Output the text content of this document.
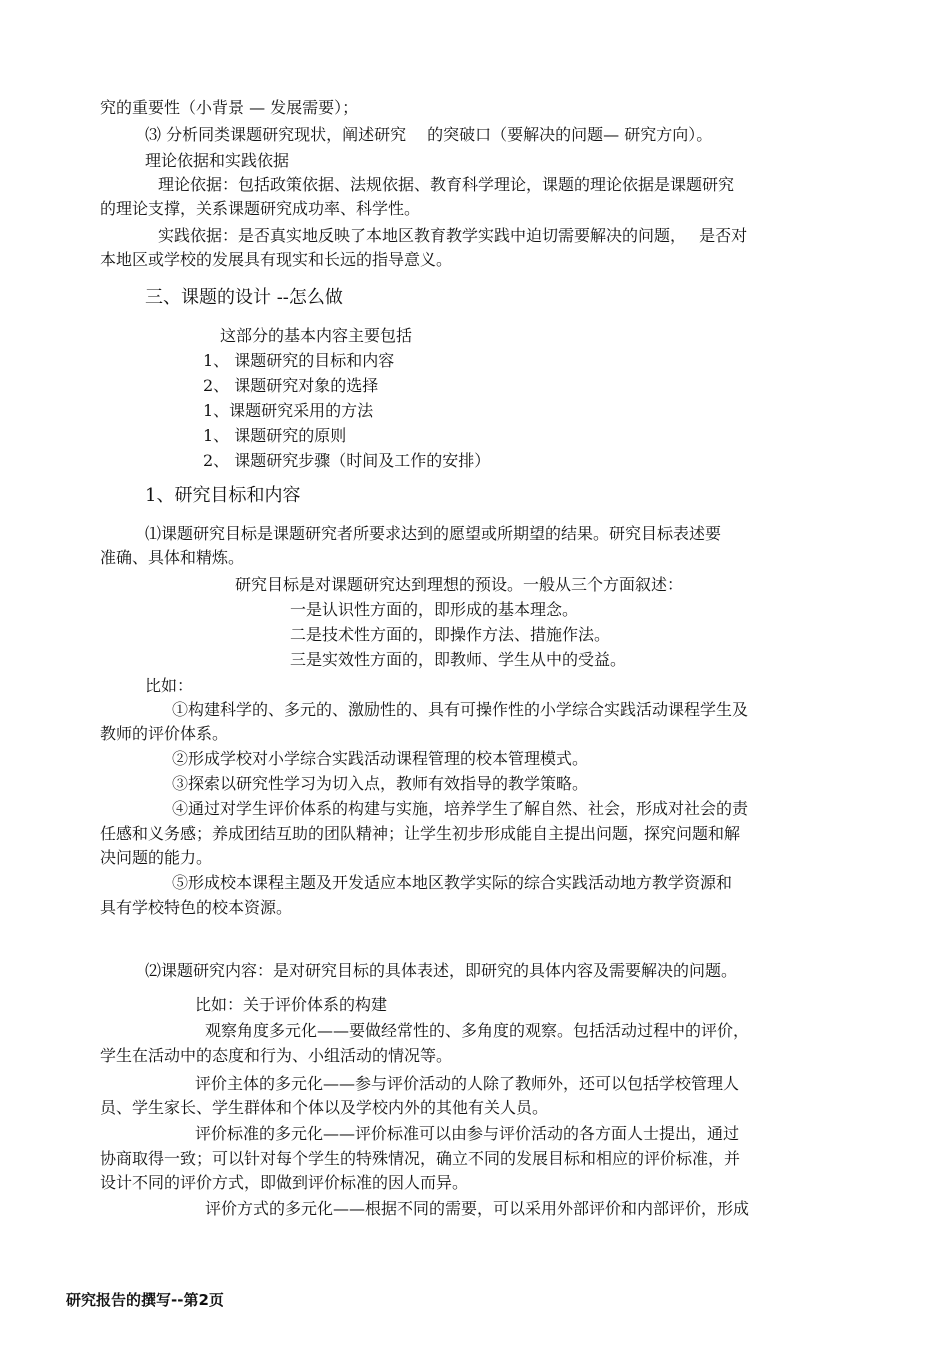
究的重要性（小背景 — 发展需要）；
⑶ 分析同类课题研究现状，阐述研究　 的突破口（要解决的问题— 研究方向）。
理论依据和实践依据
理论依据：包括政策依据、法规依据、教育科学理论，课题的理论依据是课题研究
的理论支撑，关系课题研究成功率、科学性。
实践依据：是否真实地反映了本地区教育教学实践中迫切需要解决的问题，　 是否对
本地区或学校的发展具有现实和长远的指导意义。
三、课题的设计 --怎么做
这部分的基本内容主要包括
1、 课题研究的目标和内容
2、 课题研究对象的选择
1、课题研究采用的方法
1、 课题研究的原则
2、 课题研究步骤（时间及工作的安排）
1、研究目标和内容
⑴课题研究目标是课题研究者所要求达到的愿望或所期望的结果。研究目标表述要
准确、具体和精炼。
研究目标是对课题研究达到理想的预设。一般从三个方面叙述：
一是认识性方面的，即形成的基本理念。
二是技术性方面的，即操作方法、措施作法。
三是实效性方面的，即教师、学生从中的受益。
比如：
①构建科学的、多元的、激励性的、具有可操作性的小学综合实践活动课程学生及
教师的评价体系。
②形成学校对小学综合实践活动课程管理的校本管理模式。
③探索以研究性学习为切入点，教师有效指导的教学策略。
④通过对学生评价体系的构建与实施，培养学生了解自然、社会，形成对社会的责
任感和义务感；养成团结互助的团队精神；让学生初步形成能自主提出问题，探究问题和解
决问题的能力。
⑤形成校本课程主题及开发适应本地区教学实际的综合实践活动地方教学资源和
具有学校特色的校本资源。
⑵课题研究内容：是对研究目标的具体表述，即研究的具体内容及需要解决的问题。
比如：关于评价体系的构建
观察角度多元化——要做经常性的、多角度的观察。包括活动过程中的评价，
学生在活动中的态度和行为、小组活动的情况等。
评价主体的多元化——参与评价活动的人除了教师外，还可以包括学校管理人
员、学生家长、学生群体和个体以及学校内外的其他有关人员。
评价标准的多元化——评价标准可以由参与评价活动的各方面人士提出，通过
协商取得一致；可以针对每个学生的特殊情况，确立不同的发展目标和相应的评价标准，并
设计不同的评价方式，即做到评价标准的因人而异。
评价方式的多元化——根据不同的需要，可以采用外部评价和内部评价，形成
研究报告的撰写--第2页
